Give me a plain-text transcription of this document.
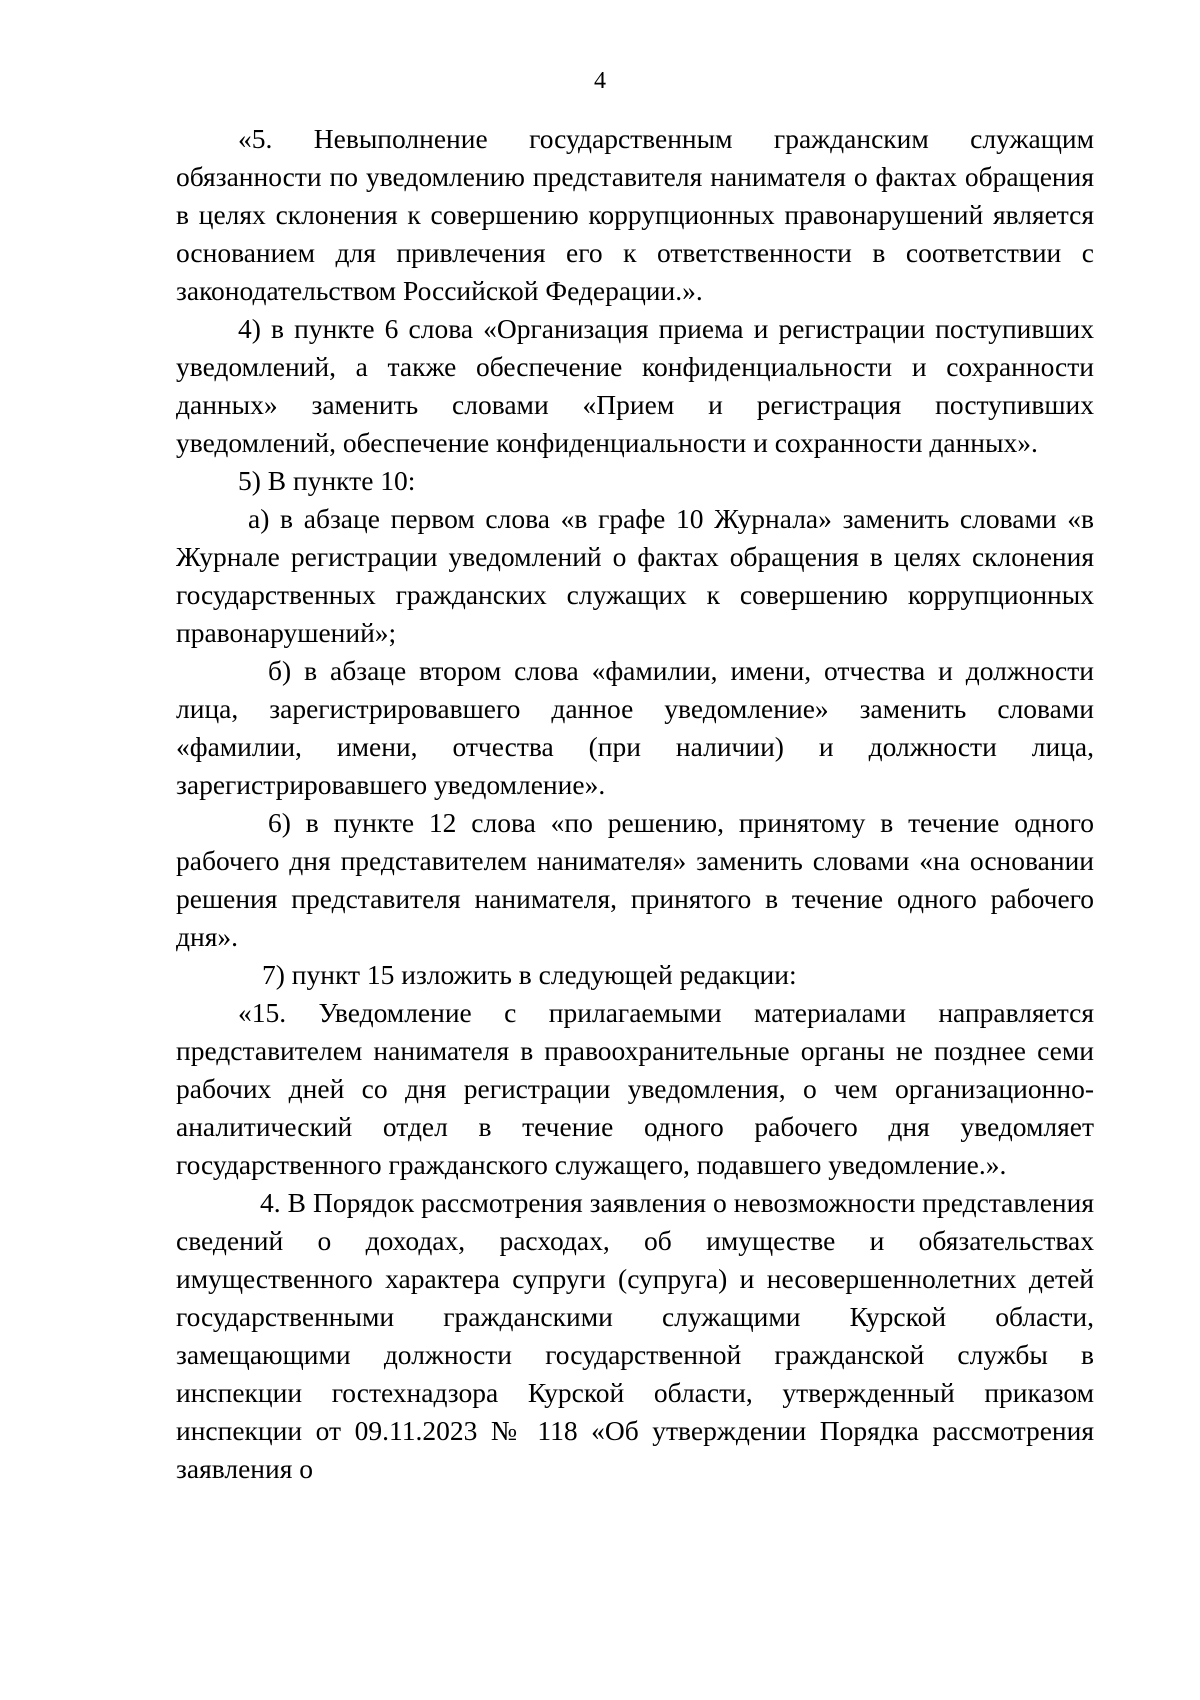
4

«5. Невыполнение государственным гражданским служащим обязанности по уведомлению представителя нанимателя о фактах обращения в целях склонения к совершению коррупционных правонарушений является основанием для привлечения его к ответственности в соответствии с законодательством Российской Федерации.».

4) в пункте 6 слова «Организация приема и регистрации поступивших уведомлений, а также обеспечение конфиденциальности и сохранности данных» заменить словами «Прием и регистрация поступивших уведомлений, обеспечение конфиденциальности и сохранности данных».

5) В пункте 10:

а) в абзаце первом слова «в графе 10 Журнала» заменить словами «в Журнале регистрации уведомлений о фактах обращения в целях склонения государственных гражданских служащих к совершению коррупционных правонарушений»;

б) в абзаце втором слова «фамилии, имени, отчества и должности лица, зарегистрировавшего данное уведомление» заменить словами «фамилии, имени, отчества (при наличии) и должности лица, зарегистрировавшего уведомление».

6) в пункте 12 слова «по решению, принятому в течение одного рабочего дня представителем нанимателя» заменить словами «на основании решения представителя нанимателя, принятого в течение одного рабочего дня».

7) пункт 15 изложить в следующей редакции:

«15. Уведомление с прилагаемыми материалами направляется представителем нанимателя в правоохранительные органы не позднее семи рабочих дней со дня регистрации уведомления, о чем организационно-аналитический отдел в течение одного рабочего дня уведомляет государственного гражданского служащего, подавшего уведомление.».

4. В Порядок рассмотрения заявления о невозможности представления сведений о доходах, расходах, об имуществе и обязательствах имущественного характера супруги (супруга) и несовершеннолетних детей государственными гражданскими служащими Курской области, замещающими должности государственной гражданской службы в инспекции гостехнадзора Курской области, утвержденный приказом инспекции от 09.11.2023 № 118 «Об утверждении Порядка рассмотрения заявления о
